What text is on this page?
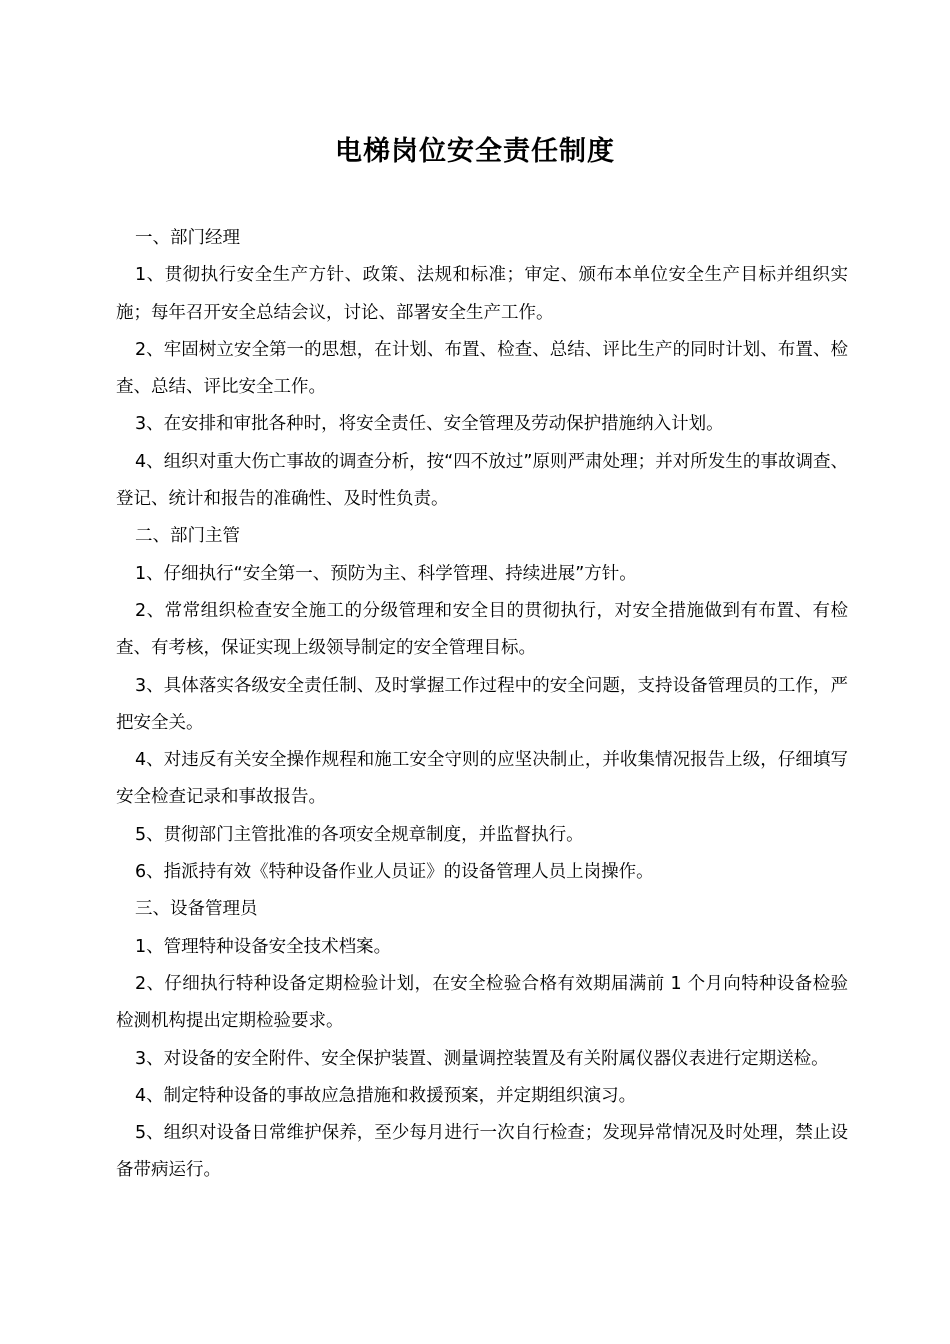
电梯岗位安全责任制度

一、部门经理

1、贯彻执行安全生产方针、政策、法规和标准；审定、颁布本单位安全生产目标并组织实施；每年召开安全总结会议，讨论、部署安全生产工作。

2、牢固树立安全第一的思想，在计划、布置、检查、总结、评比生产的同时计划、布置、检查、总结、评比安全工作。

3、在安排和审批各种时，将安全责任、安全管理及劳动保护措施纳入计划。

4、组织对重大伤亡事故的调查分析，按“四不放过”原则严肃处理；并对所发生的事故调查、登记、统计和报告的准确性、及时性负责。

二、部门主管

1、仔细执行“安全第一、预防为主、科学管理、持续进展”方针。

2、常常组织检查安全施工的分级管理和安全目的贯彻执行，对安全措施做到有布置、有检查、有考核，保证实现上级领导制定的安全管理目标。

3、具体落实各级安全责任制、及时掌握工作过程中的安全问题，支持设备管理员的工作，严把安全关。

4、对违反有关安全操作规程和施工安全守则的应坚决制止，并收集情况报告上级，仔细填写安全检查记录和事故报告。

5、贯彻部门主管批准的各项安全规章制度，并监督执行。

6、指派持有效《特种设备作业人员证》的设备管理人员上岗操作。

三、设备管理员

1、管理特种设备安全技术档案。

2、仔细执行特种设备定期检验计划，在安全检验合格有效期届满前 1 个月向特种设备检验检测机构提出定期检验要求。

3、对设备的安全附件、安全保护装置、测量调控装置及有关附属仪器仪表进行定期送检。

4、制定特种设备的事故应急措施和救援预案，并定期组织演习。

5、组织对设备日常维护保养，至少每月进行一次自行检查；发现异常情况及时处理，禁止设备带病运行。
